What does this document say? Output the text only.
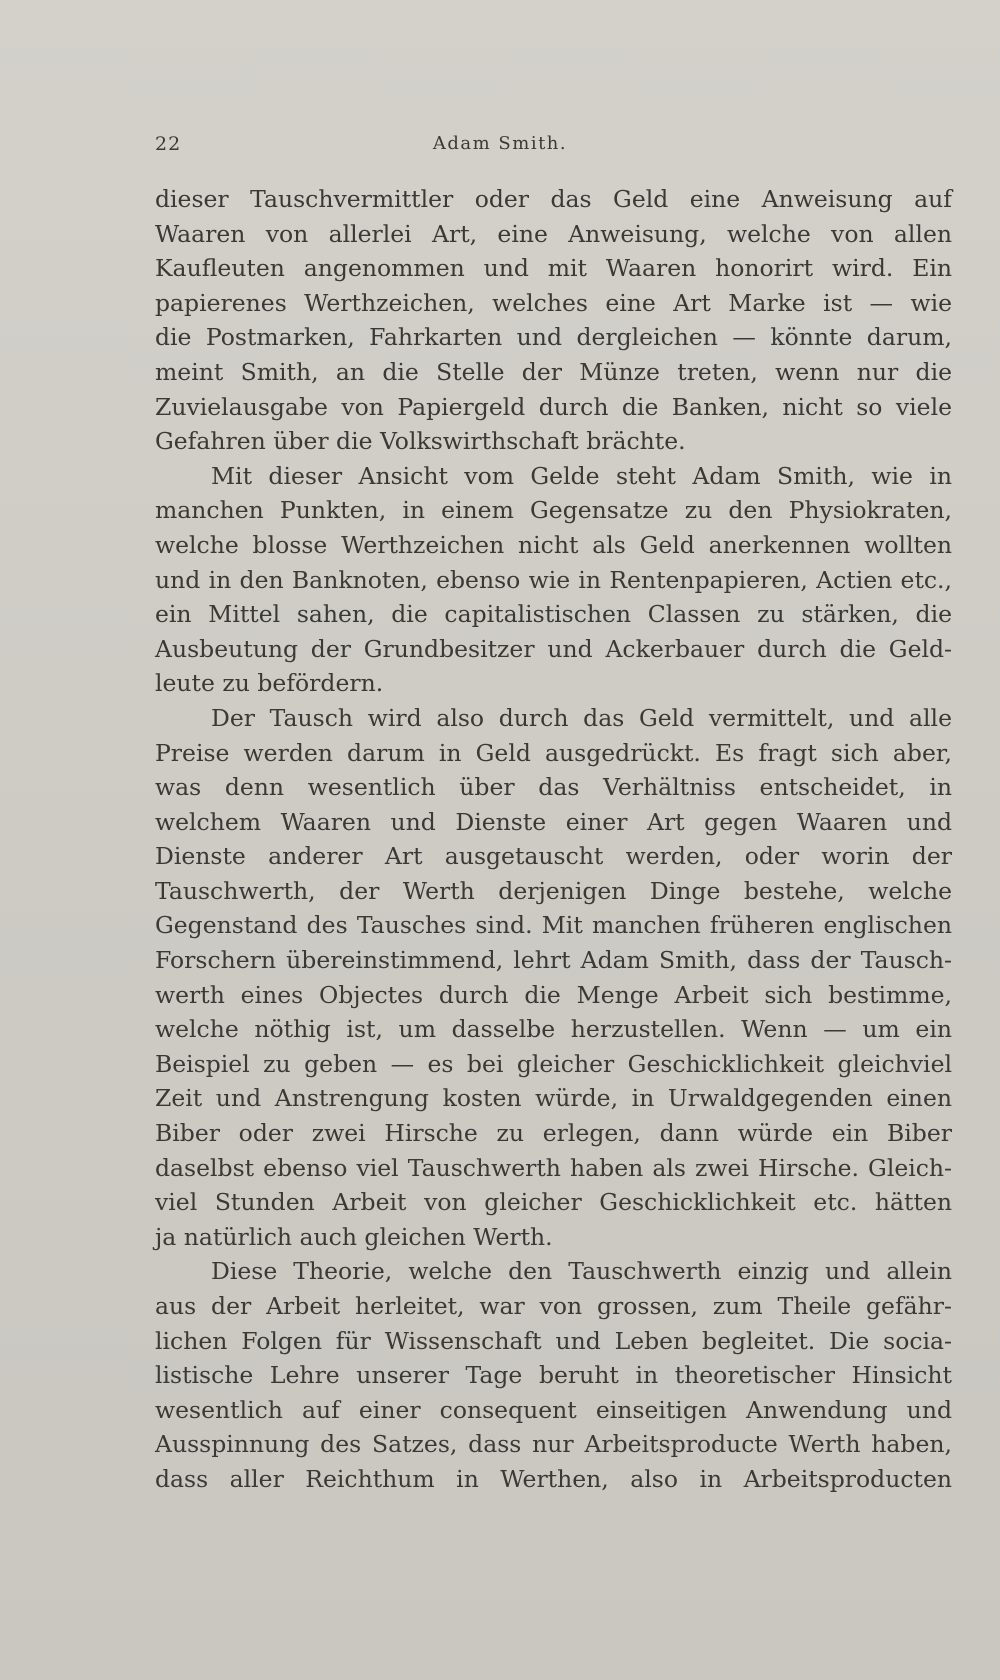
22	Adam Smith.

dieser Tauschvermittler oder das Geld eine Anweisung auf
Waaren von allerlei Art, eine Anweisung, welche von allen
Kaufleuten angenommen und mit Waaren honorirt wird. Ein
papierenes Werthzeichen, welches eine Art Marke ist — wie
die Postmarken, Fahrkarten und dergleichen — könnte darum,
meint Smith, an die Stelle der Münze treten, wenn nur die
Zuvielausgabe von Papiergeld durch die Banken, nicht so viele
Gefahren über die Volkswirthschaft brächte.

Mit dieser Ansicht vom Gelde steht Adam Smith, wie in
manchen Punkten, in einem Gegensatze zu den Physiokraten,
welche blosse Werthzeichen nicht als Geld anerkennen wollten
und in den Banknoten, ebenso wie in Rentenpapieren, Actien etc.,
ein Mittel sahen, die capitalistischen Classen zu stärken, die
Ausbeutung der Grundbesitzer und Ackerbauer durch die Geld-
leute zu befördern.

Der Tausch wird also durch das Geld vermittelt, und alle
Preise werden darum in Geld ausgedrückt. Es fragt sich aber,
was denn wesentlich über das Verhältniss entscheidet, in
welchem Waaren und Dienste einer Art gegen Waaren und
Dienste anderer Art ausgetauscht werden, oder worin der
Tauschwerth, der Werth derjenigen Dinge bestehe, welche
Gegenstand des Tausches sind. Mit manchen früheren englischen
Forschern übereinstimmend, lehrt Adam Smith, dass der Tausch-
werth eines Objectes durch die Menge Arbeit sich bestimme,
welche nöthig ist, um dasselbe herzustellen. Wenn — um ein
Beispiel zu geben — es bei gleicher Geschicklichkeit gleichviel
Zeit und Anstrengung kosten würde, in Urwaldgegenden einen
Biber oder zwei Hirsche zu erlegen, dann würde ein Biber
daselbst ebenso viel Tauschwerth haben als zwei Hirsche. Gleich-
viel Stunden Arbeit von gleicher Geschicklichkeit etc. hätten
ja natürlich auch gleichen Werth.

Diese Theorie, welche den Tauschwerth einzig und allein
aus der Arbeit herleitet, war von grossen, zum Theile gefähr-
lichen Folgen für Wissenschaft und Leben begleitet. Die socia-
listische Lehre unserer Tage beruht in theoretischer Hinsicht
wesentlich auf einer consequent einseitigen Anwendung und
Ausspinnung des Satzes, dass nur Arbeitsproducte Werth haben,
dass aller Reichthum in Werthen, also in Arbeitsproducten
